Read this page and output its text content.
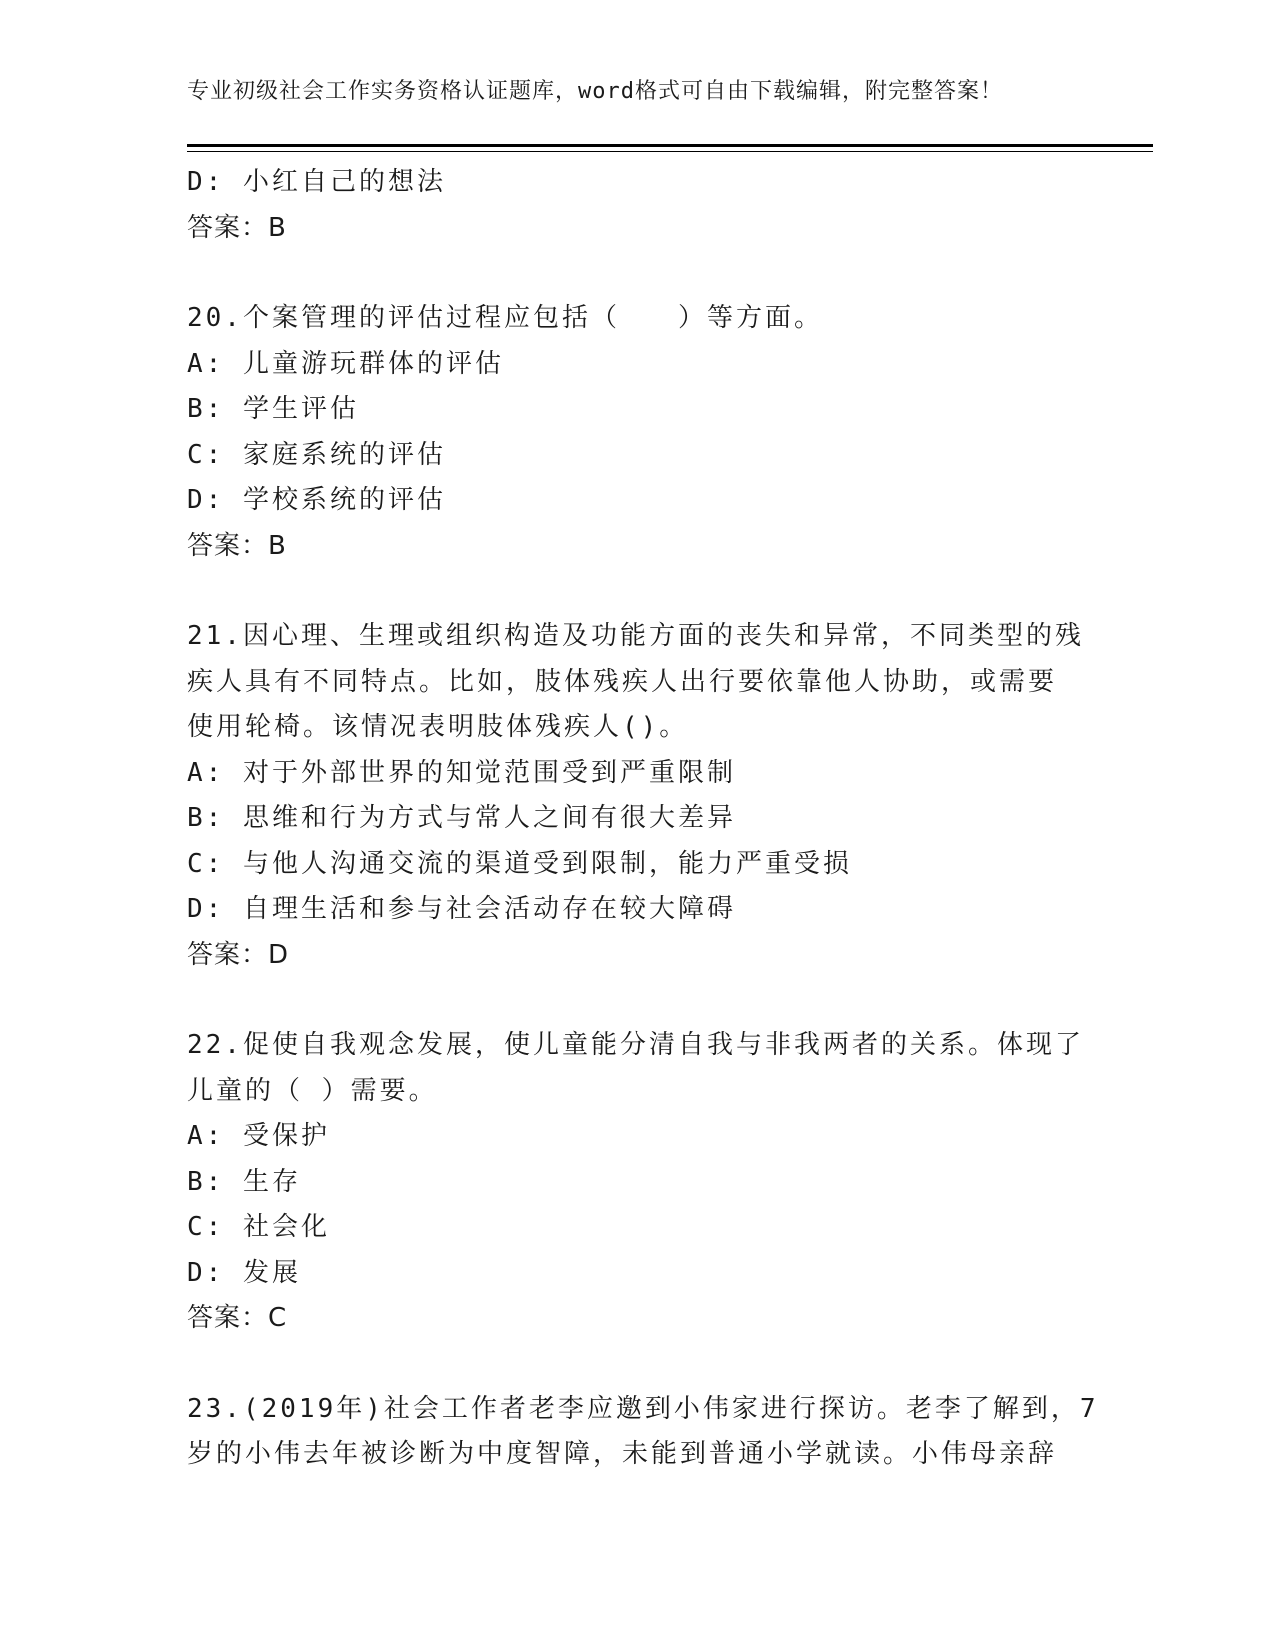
专业初级社会工作实务资格认证题库，word格式可自由下载编辑，附完整答案！
D: 小红自己的想法
答案：B
20.个案管理的评估过程应包括（　　）等方面。
A: 儿童游玩群体的评估
B: 学生评估
C: 家庭系统的评估
D: 学校系统的评估
答案：B
21.因心理、生理或组织构造及功能方面的丧失和异常，不同类型的残
疾人具有不同特点。比如，肢体残疾人出行要依靠他人协助，或需要
使用轮椅。该情况表明肢体残疾人()。
A: 对于外部世界的知觉范围受到严重限制
B: 思维和行为方式与常人之间有很大差异
C: 与他人沟通交流的渠道受到限制，能力严重受损
D: 自理生活和参与社会活动存在较大障碍
答案：D
22.促使自我观念发展，使儿童能分清自我与非我两者的关系。体现了
儿童的（ ）需要。
A: 受保护
B: 生存
C: 社会化
D: 发展
答案：C
23.(2019年)社会工作者老李应邀到小伟家进行探访。老李了解到，7
岁的小伟去年被诊断为中度智障，未能到普通小学就读。小伟母亲辞
